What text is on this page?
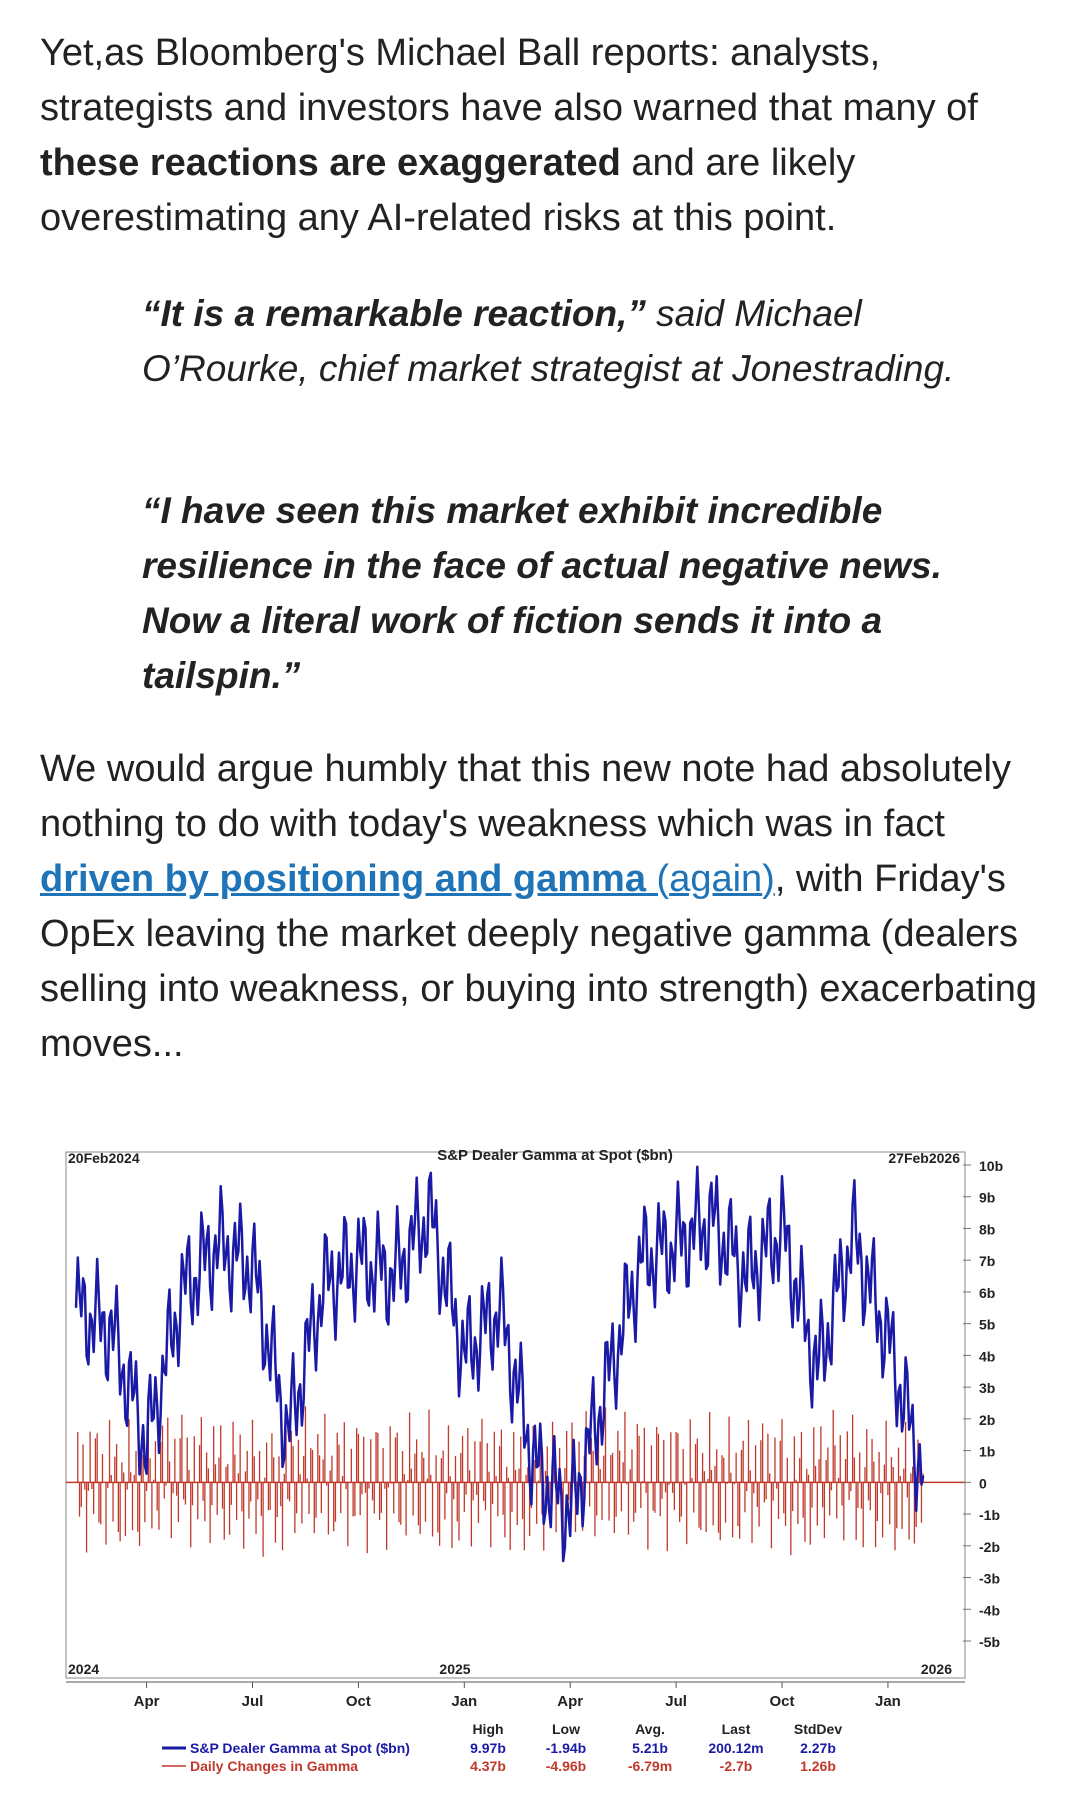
Yet,as Bloomberg's Michael Ball reports: analysts, strategists and investors have also warned that many of these reactions are exaggerated and are likely overestimating any AI-related risks at this point.

“It is a remarkable reaction,” said Michael O’Rourke, chief market strategist at Jonestrading.

“I have seen this market exhibit incredible resilience in the face of actual negative news. Now a literal work of fiction sends it into a tailspin.”

We would argue humbly that this new note had absolutely nothing to do with today's weakness which was in fact driven by positioning and gamma (again), with Friday's OpEx leaving the market deeply negative gamma (dealers selling into weakness, or buying into strength) exacerbating moves...

S&P Dealer Gamma at Spot ($bn)
20Feb2024	27Feb2026 10b
9b
8b
7b
6b
5b
4b
3b
2b
1b
0
-1b
-2b
-3b
-4b
-5b
2024	2025	2026
Apr	Jul	Oct	Jan	Apr	Jul	Oct	Jan
High	Low	Avg.	Last	StdDev
S&P Dealer Gamma at Spot ($bn)	9.97b	-1.94b	5.21b	200.12m	2.27b
Daily Changes in Gamma	4.37b	-4.96b	-6.79m	-2.7b	1.26b
